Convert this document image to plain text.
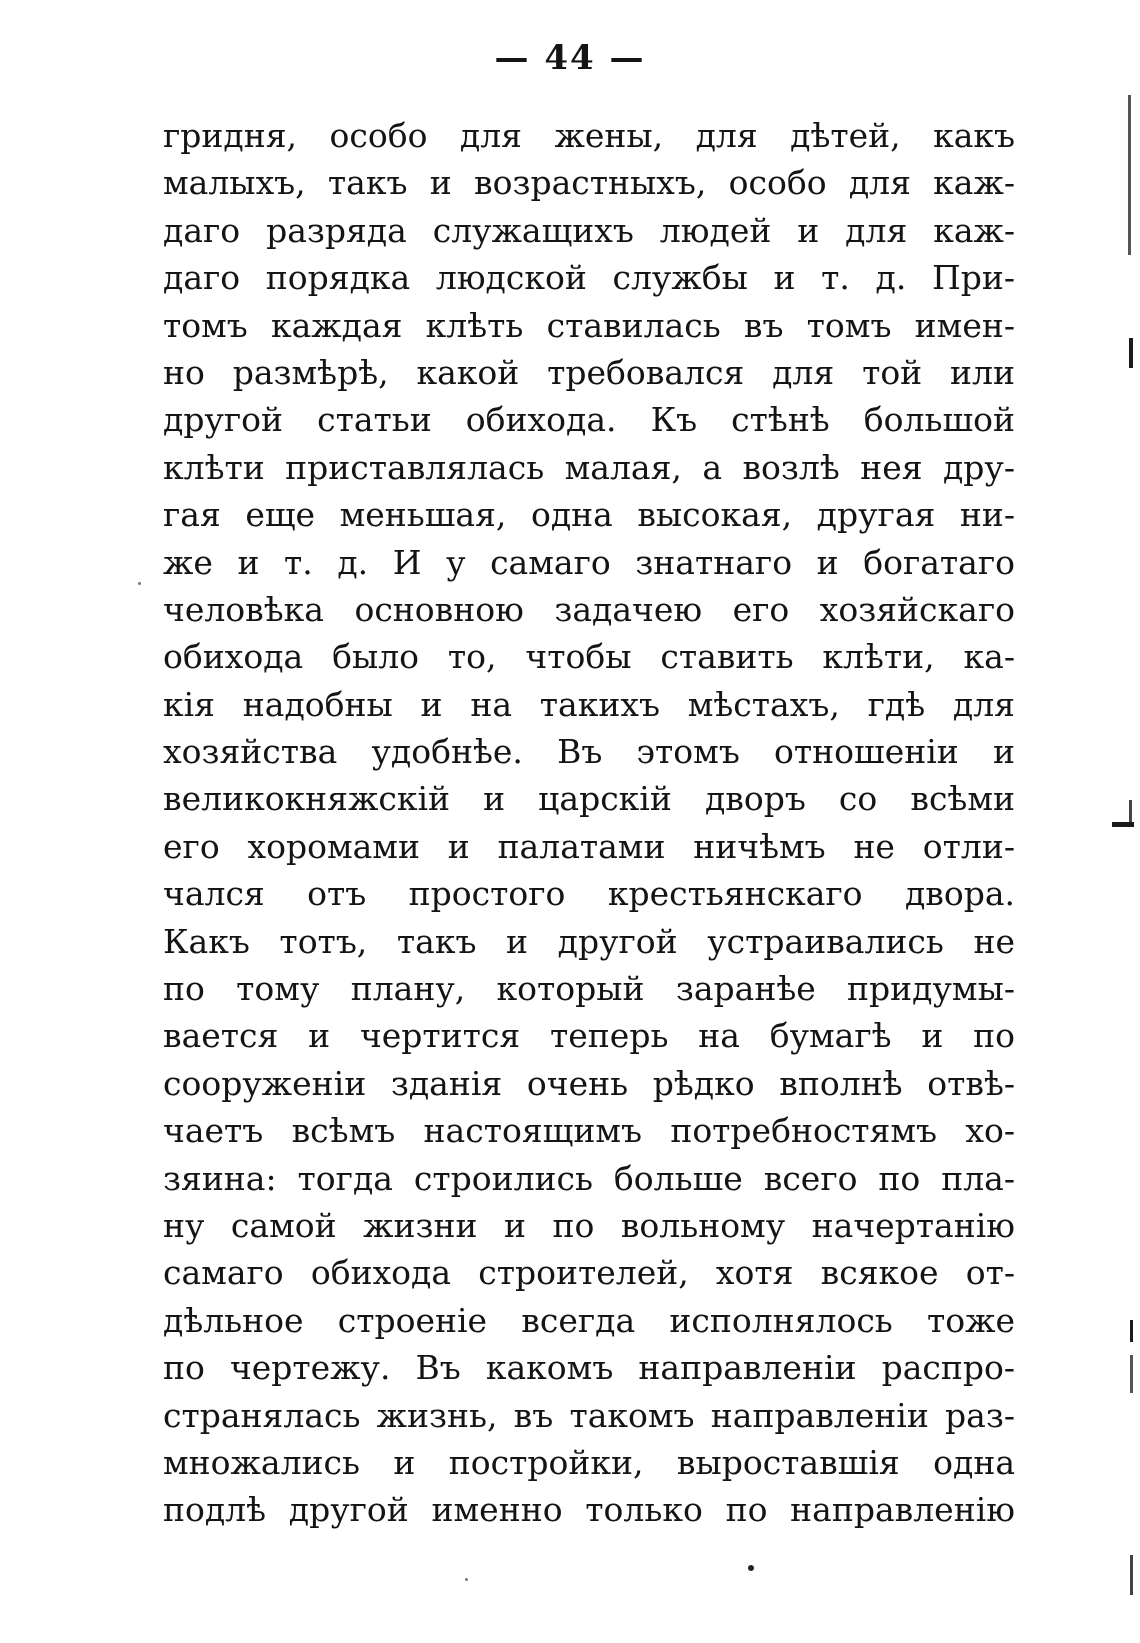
— 44 —
гридня, особо для жены, для дѣтей, какъ
малыхъ, такъ и возрастныхъ, особо для каж-
даго разряда служащихъ людей и для каж-
даго порядка людской службы и т. д. При-
томъ каждая клѣть ставилась въ томъ имен-
но размѣрѣ, какой требовался для той или
другой статьи обихода. Къ стѣнѣ большой
клѣти приставлялась малая, а возлѣ нея дру-
гая еще меньшая, одна высокая, другая ни-
же и т. д. И у самаго знатнаго и богатаго
человѣка основною задачею его хозяйскаго
обихода было то, чтобы ставить клѣти, ка-
кія надобны и на такихъ мѣстахъ, гдѣ для
хозяйства удобнѣе. Въ этомъ отношеніи и
великокняжскій и царскій дворъ со всѣми
его хоромами и палатами ничѣмъ не отли-
чался отъ простого крестьянскаго двора.
Какъ тотъ, такъ и другой устраивались не
по тому плану, который заранѣе придумы-
вается и чертится теперь на бумагѣ и по
сооруженіи зданія очень рѣдко вполнѣ отвѣ-
чаетъ всѣмъ настоящимъ потребностямъ хо-
зяина: тогда строились больше всего по пла-
ну самой жизни и по вольному начертанію
самаго обихода строителей, хотя всякое от-
дѣльное строеніе всегда исполнялось тоже
по чертежу. Въ какомъ направленіи распро-
странялась жизнь, въ такомъ направленіи раз-
множались и постройки, выроставшія одна
подлѣ другой именно только по направленію
